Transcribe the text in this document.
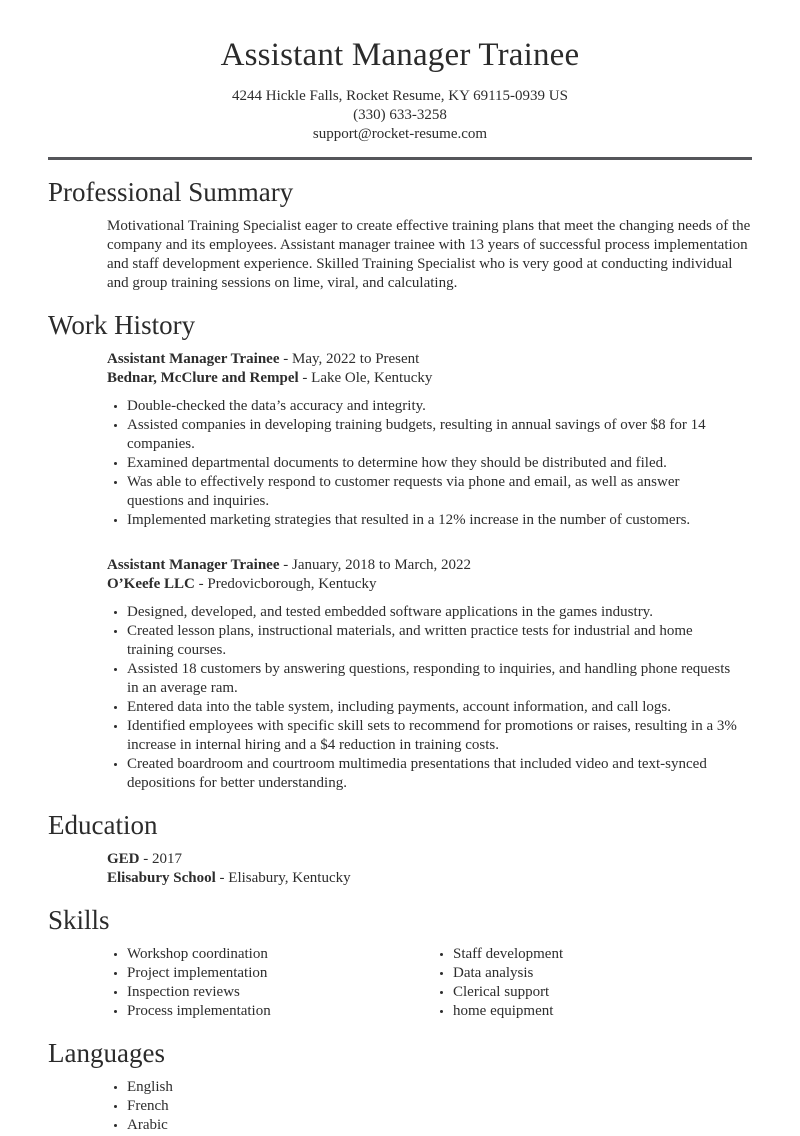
Assistant Manager Trainee
4244 Hickle Falls, Rocket Resume, KY 69115-0939 US
(330) 633-3258
support@rocket-resume.com
Professional Summary

Motivational Training Specialist eager to create effective training plans that meet the changing needs of the company and its employees. Assistant manager trainee with 13 years of successful process implementation and staff development experience. Skilled Training Specialist who is very good at conducting individual and group training sessions on lime, viral, and calculating.

Work History
Assistant Manager Trainee - May, 2022 to Present
Bednar, McClure and Rempel - Lake Ole, Kentucky
• Double-checked the data’s accuracy and integrity.
• Assisted companies in developing training budgets, resulting in annual savings of over $8 for 14 companies.
• Examined departmental documents to determine how they should be distributed and filed.
• Was able to effectively respond to customer requests via phone and email, as well as answer questions and inquiries.
• Implemented marketing strategies that resulted in a 12% increase in the number of customers.
Assistant Manager Trainee - January, 2018 to March, 2022
O’Keefe LLC - Predovicborough, Kentucky
• Designed, developed, and tested embedded software applications in the games industry.
• Created lesson plans, instructional materials, and written practice tests for industrial and home training courses.
• Assisted 18 customers by answering questions, responding to inquiries, and handling phone requests in an average ram.
• Entered data into the table system, including payments, account information, and call logs.
• Identified employees with specific skill sets to recommend for promotions or raises, resulting in a 3% increase in internal hiring and a $4 reduction in training costs.
• Created boardroom and courtroom multimedia presentations that included video and text-synced depositions for better understanding.
Education
GED - 2017
Elisabury School - Elisabury, Kentucky
Skills
• Workshop coordination
• Project implementation
• Inspection reviews
• Process implementation
• Staff development
• Data analysis
• Clerical support
• home equipment
Languages
• English
• French
• Arabic
